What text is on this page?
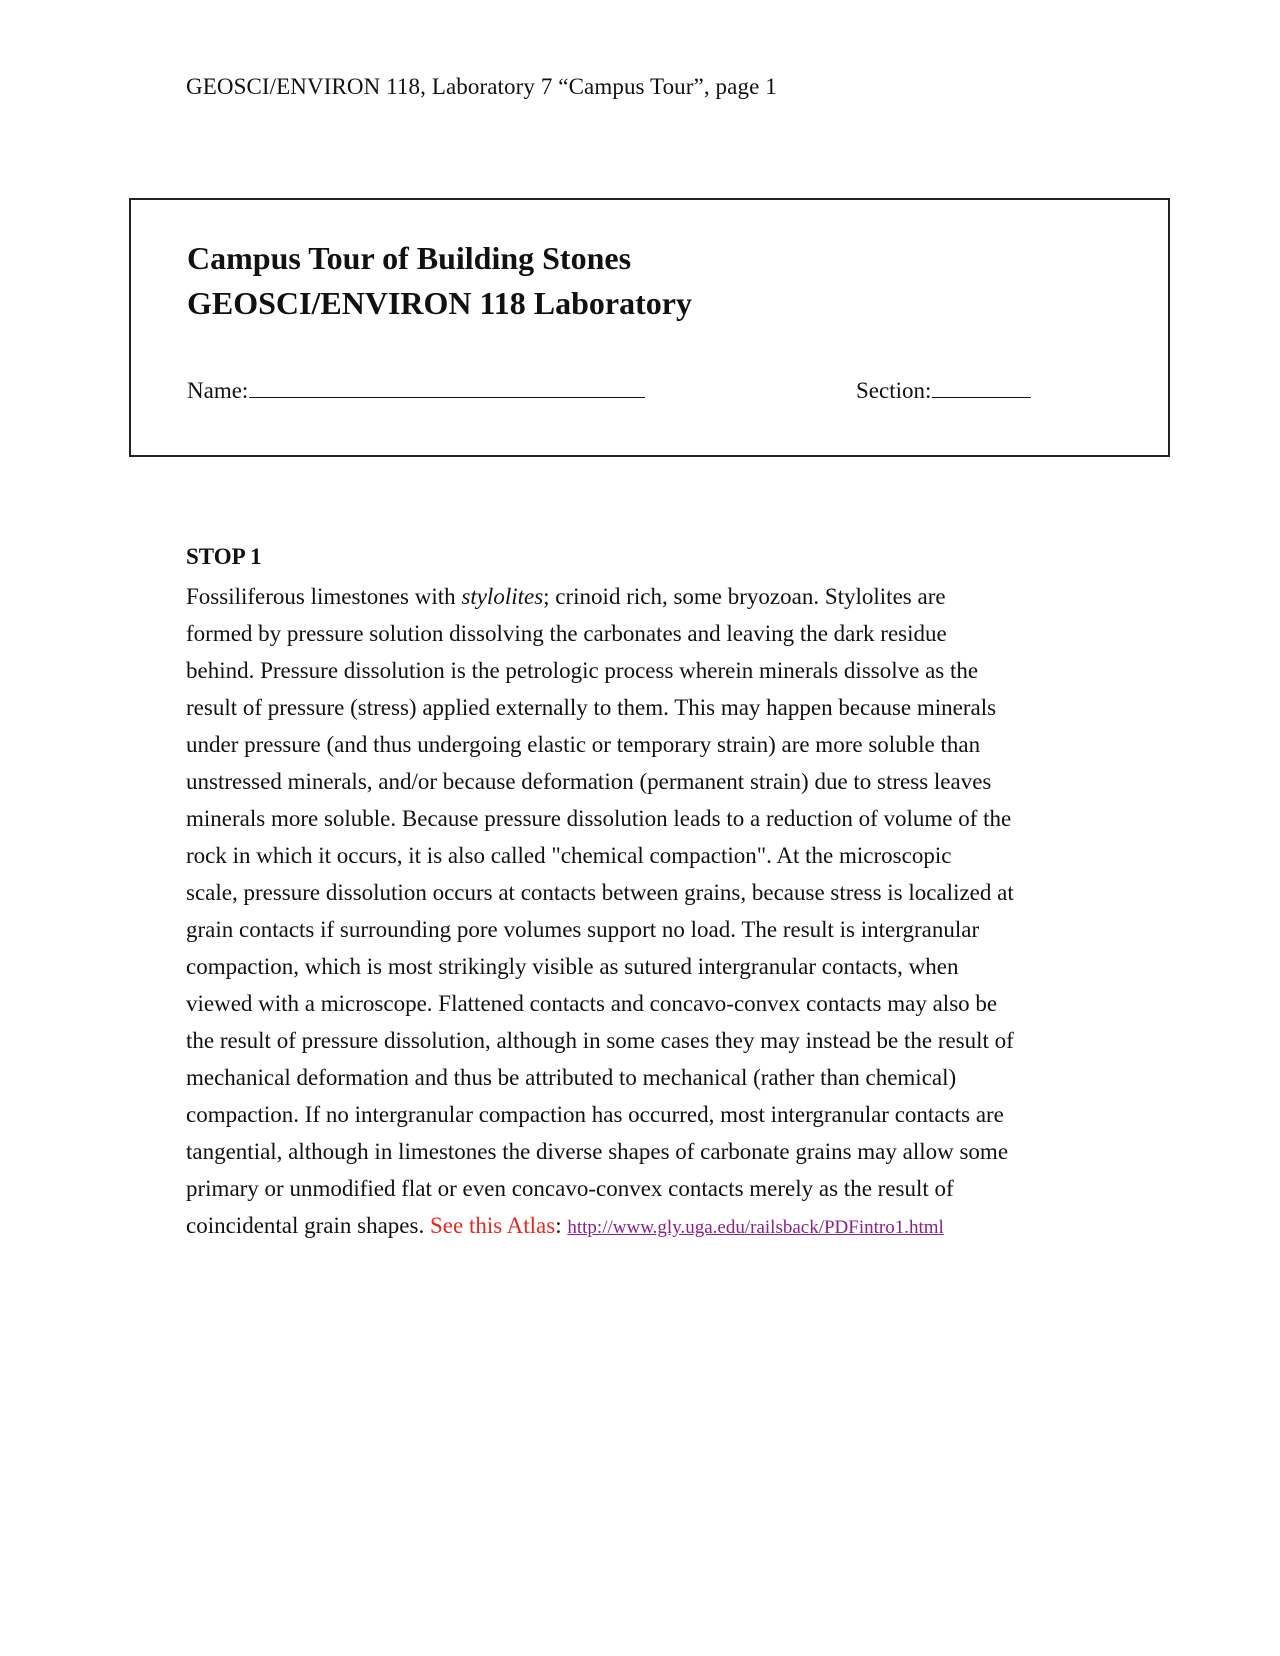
GEOSCI/ENVIRON 118, Laboratory 7 “Campus Tour”, page 1
Campus Tour of Building Stones
GEOSCI/ENVIRON 118 Laboratory
Name:	Section:
STOP 1
Fossiliferous limestones with stylolites; crinoid rich, some bryozoan. Stylolites are
formed by pressure solution dissolving the carbonates and leaving the dark residue
behind. Pressure dissolution is the petrologic process wherein minerals dissolve as the
result of pressure (stress) applied externally to them. This may happen because minerals
under pressure (and thus undergoing elastic or temporary strain) are more soluble than
unstressed minerals, and/or because deformation (permanent strain) due to stress leaves
minerals more soluble. Because pressure dissolution leads to a reduction of volume of the
rock in which it occurs, it is also called "chemical compaction". At the microscopic
scale, pressure dissolution occurs at contacts between grains, because stress is localized at
grain contacts if surrounding pore volumes support no load. The result is intergranular
compaction, which is most strikingly visible as sutured intergranular contacts, when
viewed with a microscope. Flattened contacts and concavo-convex contacts may also be
the result of pressure dissolution, although in some cases they may instead be the result of
mechanical deformation and thus be attributed to mechanical (rather than chemical)
compaction. If no intergranular compaction has occurred, most intergranular contacts are
tangential, although in limestones the diverse shapes of carbonate grains may allow some
primary or unmodified flat or even concavo-convex contacts merely as the result of
coincidental grain shapes. See this Atlas: http://www.gly.uga.edu/railsback/PDFintro1.html
